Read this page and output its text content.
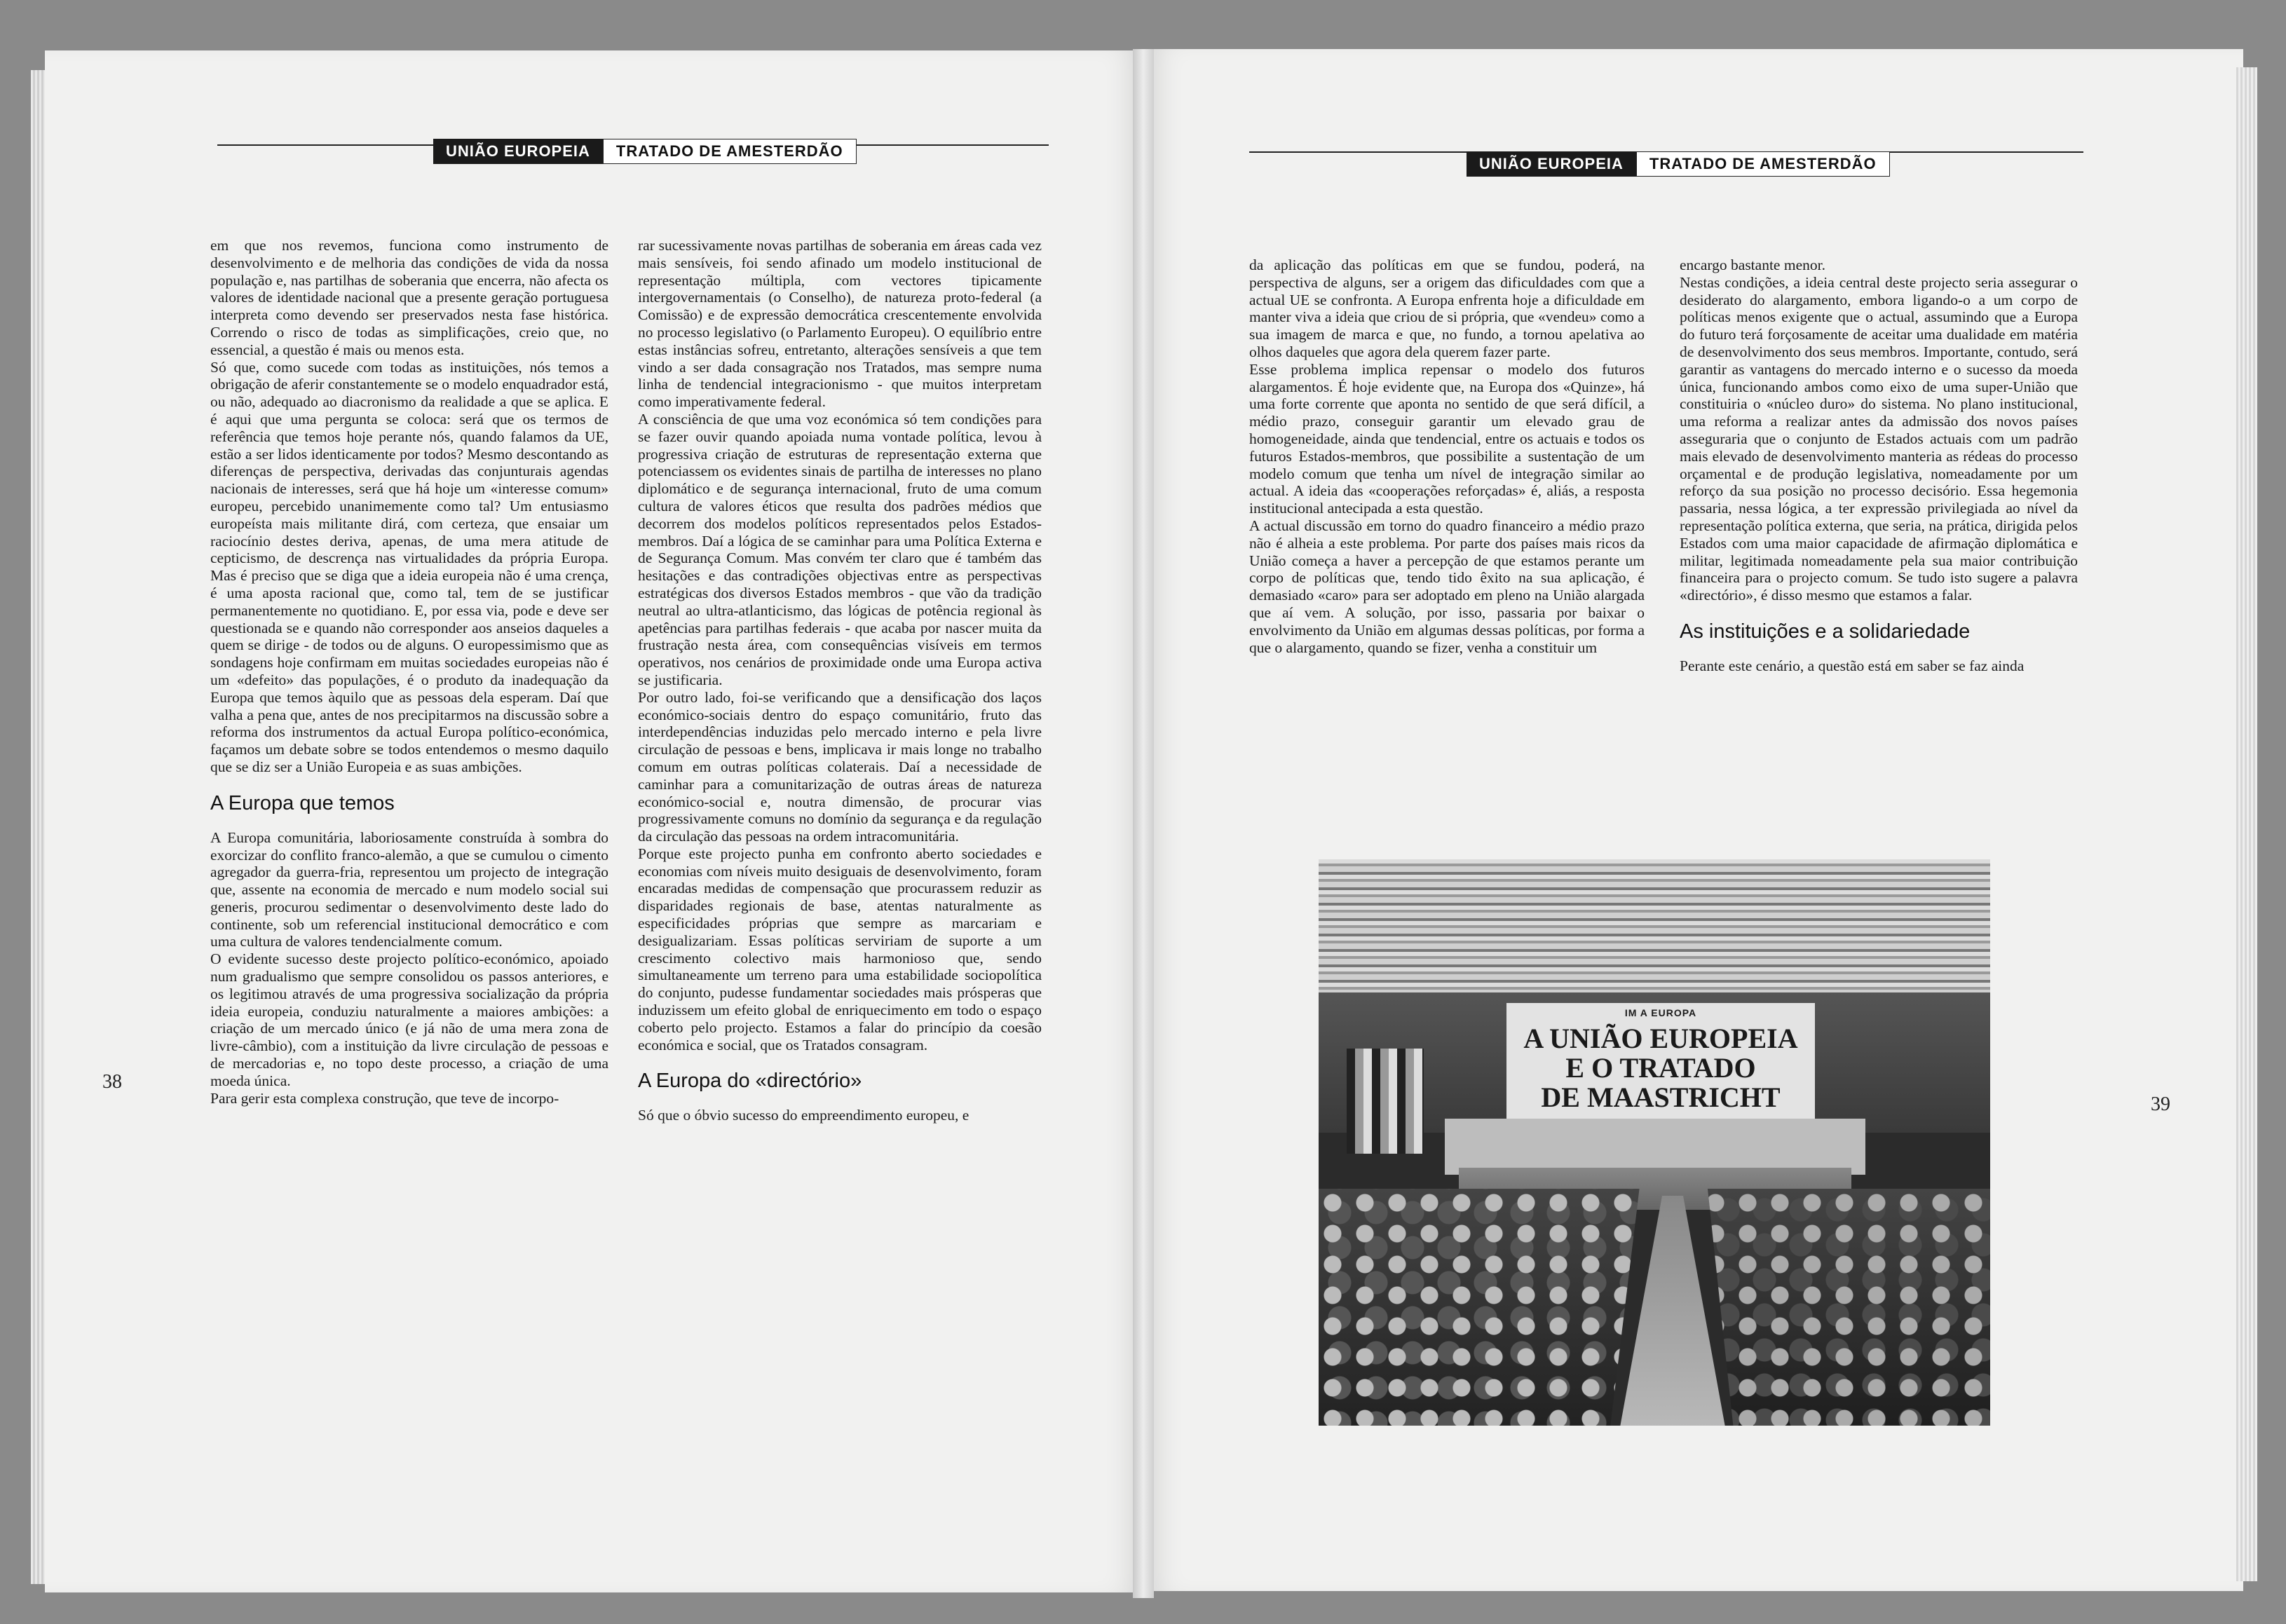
UNIÃO EUROPEIA	TRATADO DE AMESTERDÃO
UNIÃO EUROPEIA	TRATADO DE AMESTERDÃO

em que nos revemos, funciona como instrumento de desenvolvimento e de melhoria das condições de vida da nossa população e, nas partilhas de soberania que encerra, não afecta os valores de identidade nacional que a presente geração portuguesa interpreta como devendo ser preservados nesta fase histórica. Correndo o risco de todas as simplificações, creio que, no essencial, a questão é mais ou menos esta.

Só que, como sucede com todas as instituições, nós temos a obrigação de aferir constantemente se o modelo enquadrador está, ou não, adequado ao diacronismo da realidade a que se aplica. E é aqui que uma pergunta se coloca: será que os termos de referência que temos hoje perante nós, quando falamos da UE, estão a ser lidos identicamente por todos? Mesmo descontando as diferenças de perspectiva, derivadas das conjunturais agendas nacionais de interesses, será que há hoje um «interesse comum» europeu, percebido unanimemente como tal? Um entusiasmo europeísta mais militante dirá, com certeza, que ensaiar um raciocínio destes deriva, apenas, de uma mera atitude de cepticismo, de descrença nas virtualidades da própria Europa. Mas é preciso que se diga que a ideia europeia não é uma crença, é uma aposta racional que, como tal, tem de se justificar permanentemente no quotidiano. E, por essa via, pode e deve ser questionada se e quando não corresponder aos anseios daqueles a quem se dirige - de todos ou de alguns. O europessimismo que as sondagens hoje confirmam em muitas sociedades europeias não é um «defeito» das populações, é o produto da inadequação da Europa que temos àquilo que as pessoas dela esperam. Daí que valha a pena que, antes de nos precipitarmos na discussão sobre a reforma dos instrumentos da actual Europa político-económica, façamos um debate sobre se todos entendemos o mesmo daquilo que se diz ser a União Europeia e as suas ambições.

A Europa que temos

A Europa comunitária, laboriosamente construída à sombra do exorcizar do conflito franco-alemão, a que se cumulou o cimento agregador da guerra-fria, representou um projecto de integração que, assente na economia de mercado e num modelo social sui generis, procurou sedimentar o desenvolvimento deste lado do continente, sob um referencial institucional democrático e com uma cultura de valores tendencialmente comum.

O evidente sucesso deste projecto político-económico, apoiado num gradualismo que sempre consolidou os passos anteriores, e os legitimou através de uma progressiva socialização da própria ideia europeia, conduziu naturalmente a maiores ambições: a criação de um mercado único (e já não de uma mera zona de livre-câmbio), com a instituição da livre circulação de pessoas e de mercadorias e, no topo deste processo, a criação de uma moeda única.

Para gerir esta complexa construção, que teve de incorpo-

rar sucessivamente novas partilhas de soberania em áreas cada vez mais sensíveis, foi sendo afinado um modelo institucional de representação múltipla, com vectores tipicamente intergovernamentais (o Conselho), de natureza proto-federal (a Comissão) e de expressão democrática crescentemente envolvida no processo legislativo (o Parlamento Europeu). O equilíbrio entre estas instâncias sofreu, entretanto, alterações sensíveis a que tem vindo a ser dada consagração nos Tratados, mas sempre numa linha de tendencial integracionismo - que muitos interpretam como imperativamente federal.

A consciência de que uma voz económica só tem condições para se fazer ouvir quando apoiada numa vontade política, levou à progressiva criação de estruturas de representação externa que potenciassem os evidentes sinais de partilha de interesses no plano diplomático e de segurança internacional, fruto de uma comum cultura de valores éticos que resulta dos padrões médios que decorrem dos modelos políticos representados pelos Estados-membros. Daí a lógica de se caminhar para uma Política Externa e de Segurança Comum. Mas convém ter claro que é também das hesitações e das contradições objectivas entre as perspectivas estratégicas dos diversos Estados membros - que vão da tradição neutral ao ultra-atlanticismo, das lógicas de potência regional às apetências para partilhas federais - que acaba por nascer muita da frustração nesta área, com consequências visíveis em termos operativos, nos cenários de proximidade onde uma Europa activa se justificaria.

Por outro lado, foi-se verificando que a densificação dos laços económico-sociais dentro do espaço comunitário, fruto das interdependências induzidas pelo mercado interno e pela livre circulação de pessoas e bens, implicava ir mais longe no trabalho comum em outras políticas colaterais. Daí a necessidade de caminhar para a comunitarização de outras áreas de natureza económico-social e, noutra dimensão, de procurar vias progressivamente comuns no domínio da segurança e da regulação da circulação das pessoas na ordem intracomunitária.

Porque este projecto punha em confronto aberto sociedades e economias com níveis muito desiguais de desenvolvimento, foram encaradas medidas de compensação que procurassem reduzir as disparidades regionais de base, atentas naturalmente as especificidades próprias que sempre as marcariam e desigualizariam. Essas políticas serviriam de suporte a um crescimento colectivo mais harmonioso que, sendo simultaneamente um terreno para uma estabilidade sociopolítica do conjunto, pudesse fundamentar sociedades mais prósperas que induzissem um efeito global de enriquecimento em todo o espaço coberto pelo projecto. Estamos a falar do princípio da coesão económica e social, que os Tratados consagram.

A Europa do «directório»

Só que o óbvio sucesso do empreendimento europeu, e

38

da aplicação das políticas em que se fundou, poderá, na perspectiva de alguns, ser a origem das dificuldades com que a actual UE se confronta. A Europa enfrenta hoje a dificuldade em manter viva a ideia que criou de si própria, que «vendeu» como a sua imagem de marca e que, no fundo, a tornou apelativa ao olhos daqueles que agora dela querem fazer parte.

Esse problema implica repensar o modelo dos futuros alargamentos. É hoje evidente que, na Europa dos «Quinze», há uma forte corrente que aponta no sentido de que será difícil, a médio prazo, conseguir garantir um elevado grau de homogeneidade, ainda que tendencial, entre os actuais e todos os futuros Estados-membros, que possibilite a sustentação de um modelo comum que tenha um nível de integração similar ao actual. A ideia das «cooperações reforçadas» é, aliás, a resposta institucional antecipada a esta questão.

A actual discussão em torno do quadro financeiro a médio prazo não é alheia a este problema. Por parte dos países mais ricos da União começa a haver a percepção de que estamos perante um corpo de políticas que, tendo tido êxito na sua aplicação, é demasiado «caro» para ser adoptado em pleno na União alargada que aí vem. A solução, por isso, passaria por baixar o envolvimento da União em algumas dessas políticas, por forma a que o alargamento, quando se fizer, venha a constituir um

encargo bastante menor.

Nestas condições, a ideia central deste projecto seria assegurar o desiderato do alargamento, embora ligando-o a um corpo de políticas menos exigente que o actual, assumindo que a Europa do futuro terá forçosamente de aceitar uma dualidade em matéria de desenvolvimento dos seus membros. Importante, contudo, será garantir as vantagens do mercado interno e o sucesso da moeda única, funcionando ambos como eixo de uma super-União que constituiria o «núcleo duro» do sistema. No plano institucional, uma reforma a realizar antes da admissão dos novos países asseguraria que o conjunto de Estados actuais com um padrão mais elevado de desenvolvimento manteria as rédeas do processo orçamental e de produção legislativa, nomeadamente por um reforço da sua posição no processo decisório. Essa hegemonia passaria, nessa lógica, a ter expressão privilegiada ao nível da representação política externa, que seria, na prática, dirigida pelos Estados com uma maior capacidade de afirmação diplomática e militar, legitimada nomeadamente pela sua maior contribuição financeira para o projecto comum. Se tudo isto sugere a palavra «directório», é disso mesmo que estamos a falar.

As instituições e a solidariedade

Perante este cenário, a questão está em saber se faz ainda

39
IM A EUROPA
A UNIÃO EUROPEIA
E O TRATADO
DE MAASTRICHT
